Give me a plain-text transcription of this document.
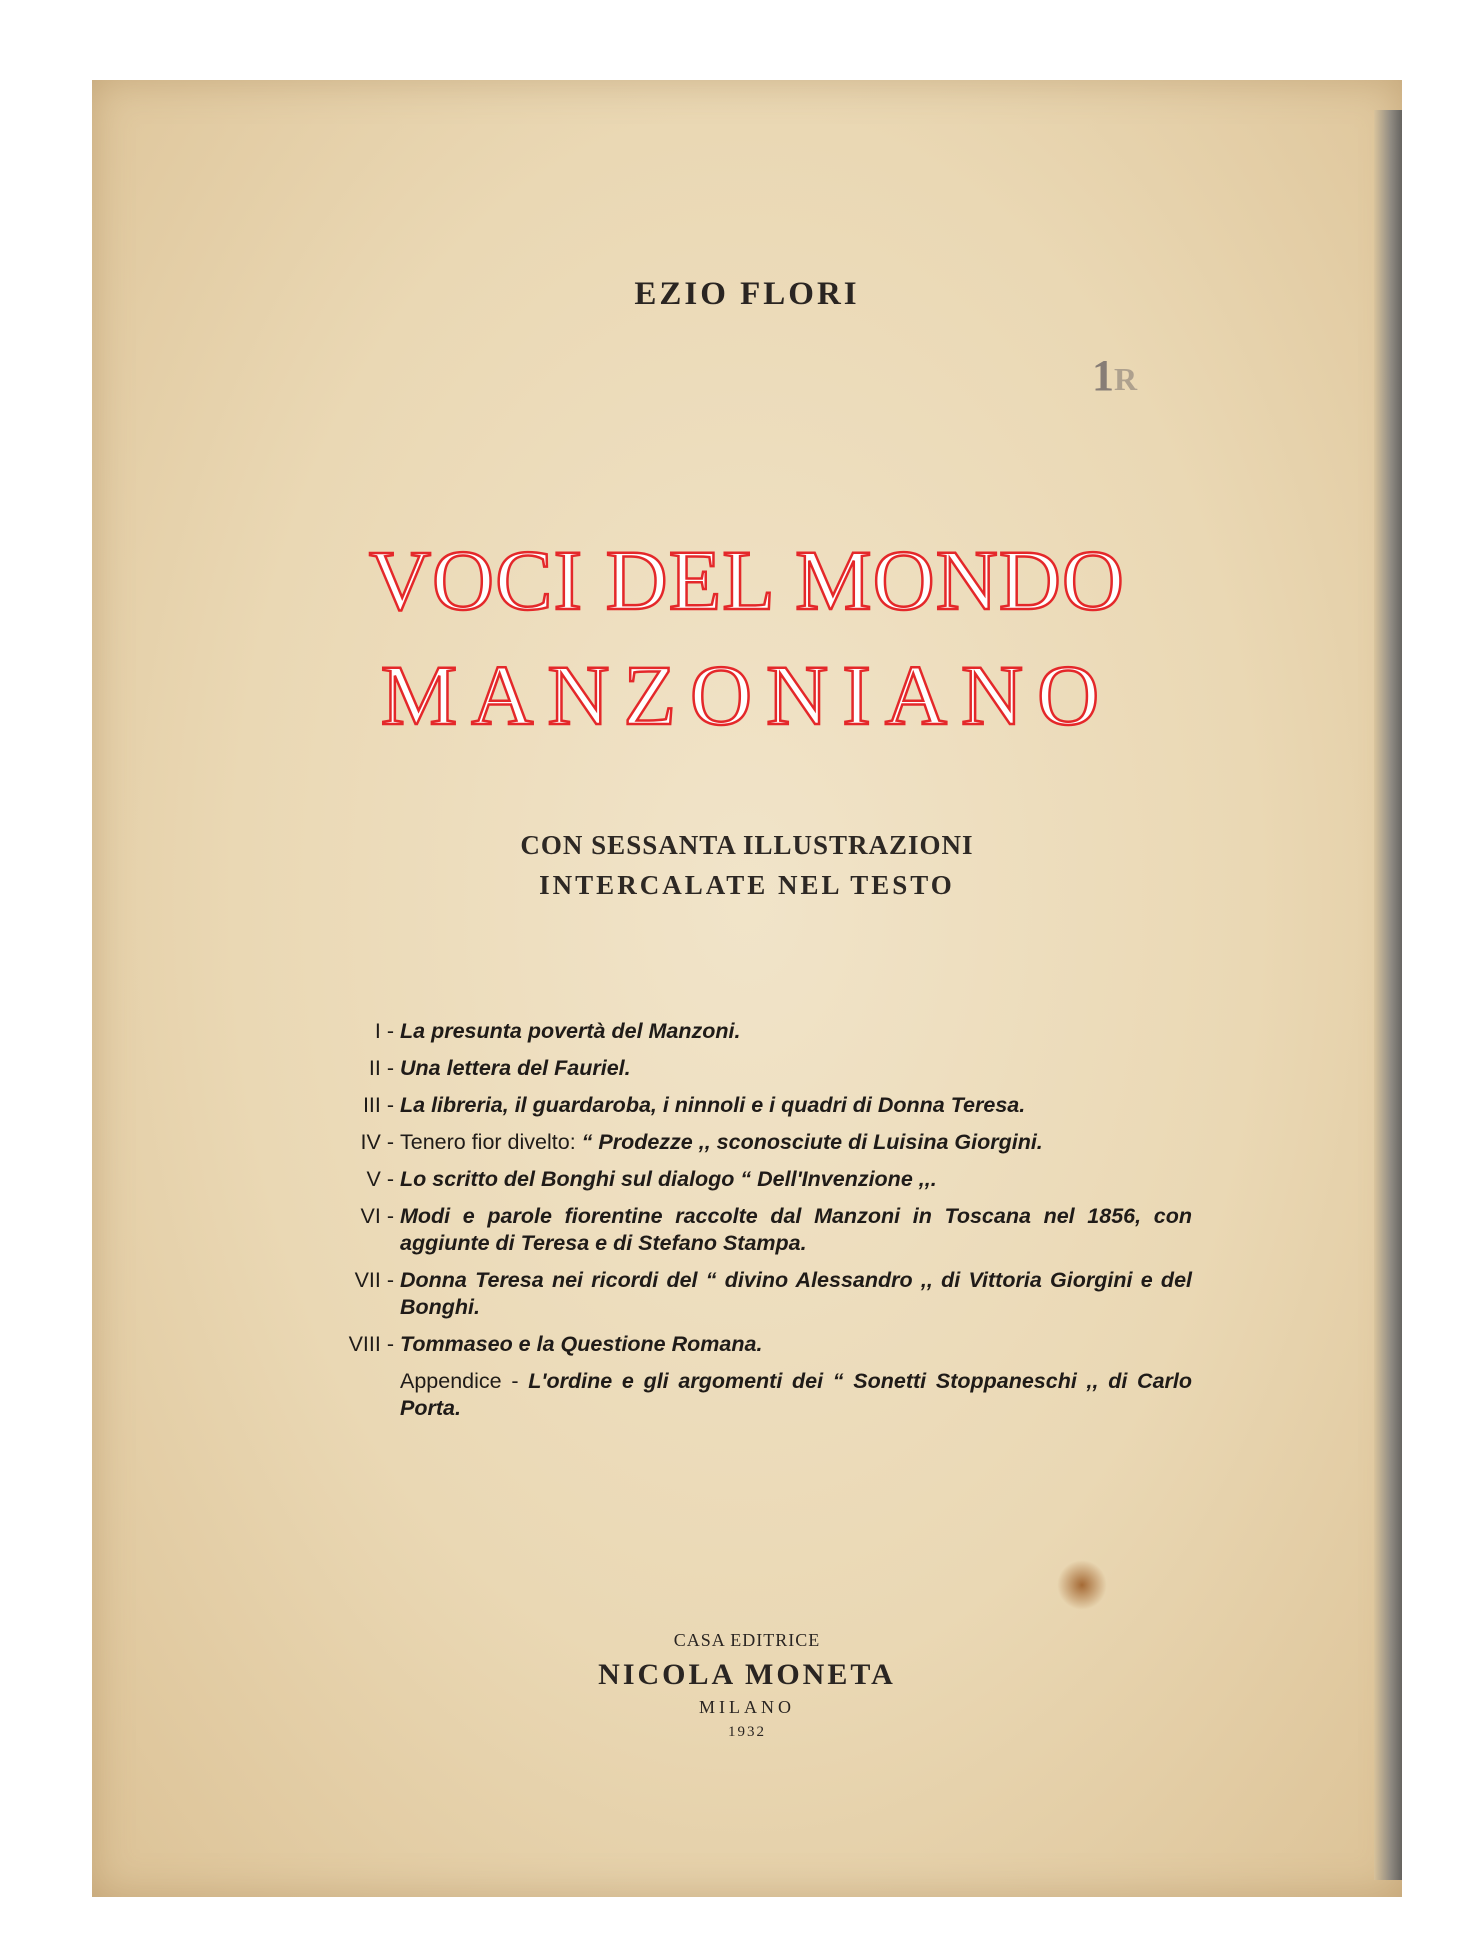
EZIO FLORI
1R
VOCI DEL MONDO
MANZONIANO
CON SESSANTA ILLUSTRAZIONI
INTERCALATE NEL TESTO
I - La presunta povertà del Manzoni.
II - Una lettera del Fauriel.
III - La libreria, il guardaroba, i ninnoli e i quadri di Donna Teresa.
IV - Tenero fior divelto: “ Prodezze ,, sconosciute di Luisina Giorgini.
V - Lo scritto del Bonghi sul dialogo “ Dell'Invenzione ,,.
VI - Modi e parole fiorentine raccolte dal Manzoni in Toscana nel 1856, con aggiunte di Teresa e di Stefano Stampa.
VII - Donna Teresa nei ricordi del “ divino Alessandro ,, di Vittoria Giorgini e del Bonghi.
VIII - Tommaseo e la Questione Romana.
Appendice - L'ordine e gli argomenti dei “ Sonetti Stoppaneschi ,, di Carlo Porta.
CASA EDITRICE
NICOLA MONETA
MILANO
1932
